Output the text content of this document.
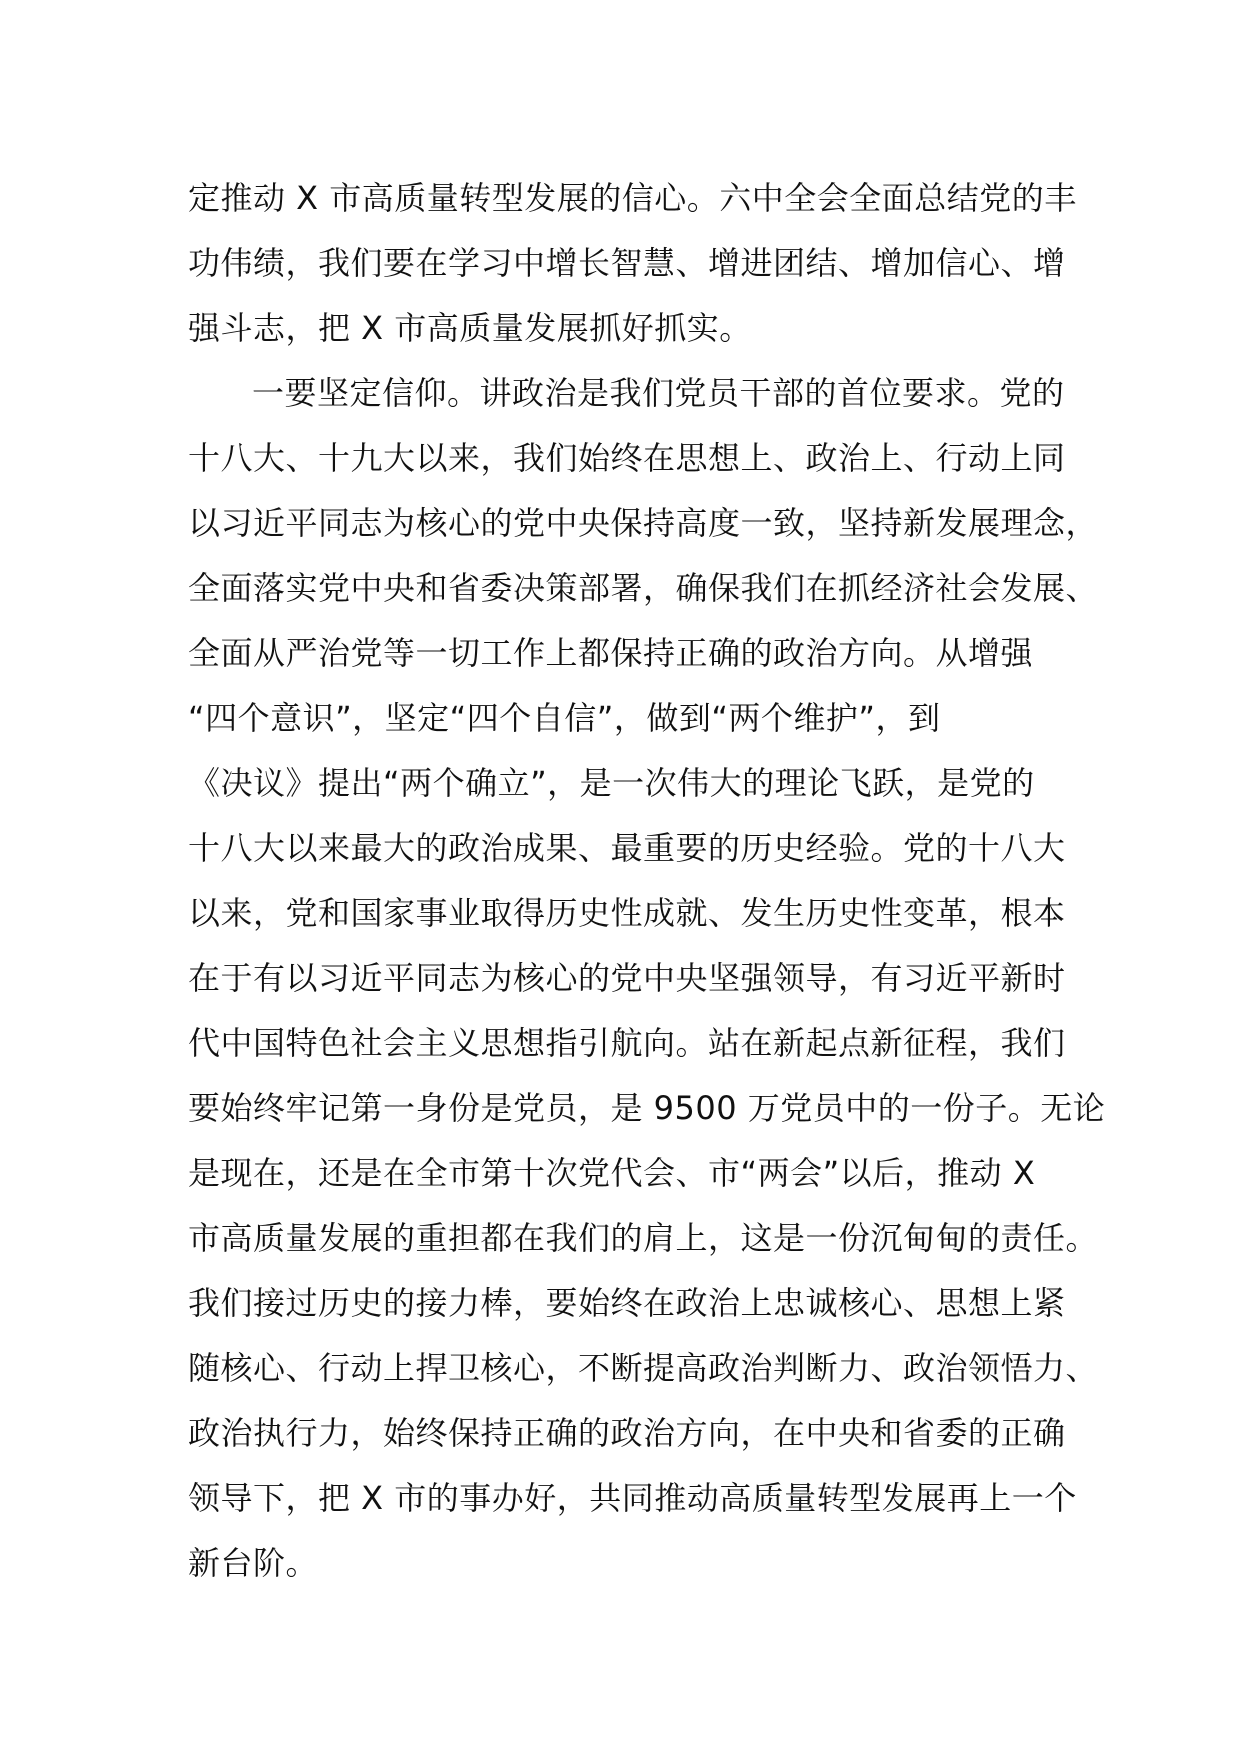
定推动 X 市高质量转型发展的信心。六中全会全面总结党的丰
功伟绩，我们要在学习中增长智慧、增进团结、增加信心、增
强斗志，把 X 市高质量发展抓好抓实。
一要坚定信仰。讲政治是我们党员干部的首位要求。党的
十八大、十九大以来，我们始终在思想上、政治上、行动上同
以习近平同志为核心的党中央保持高度一致，坚持新发展理念，
全面落实党中央和省委决策部署，确保我们在抓经济社会发展、
全面从严治党等一切工作上都保持正确的政治方向。从增强
“四个意识”，坚定“四个自信”，做到“两个维护”，到
《决议》提出“两个确立”，是一次伟大的理论飞跃，是党的
十八大以来最大的政治成果、最重要的历史经验。党的十八大
以来，党和国家事业取得历史性成就、发生历史性变革，根本
在于有以习近平同志为核心的党中央坚强领导，有习近平新时
代中国特色社会主义思想指引航向。站在新起点新征程，我们
要始终牢记第一身份是党员，是 9500 万党员中的一份子。无论
是现在，还是在全市第十次党代会、市“两会”以后，推动 X
市高质量发展的重担都在我们的肩上，这是一份沉甸甸的责任。
我们接过历史的接力棒，要始终在政治上忠诚核心、思想上紧
随核心、行动上捍卫核心，不断提高政治判断力、政治领悟力、
政治执行力，始终保持正确的政治方向，在中央和省委的正确
领导下，把 X 市的事办好，共同推动高质量转型发展再上一个
新台阶。
